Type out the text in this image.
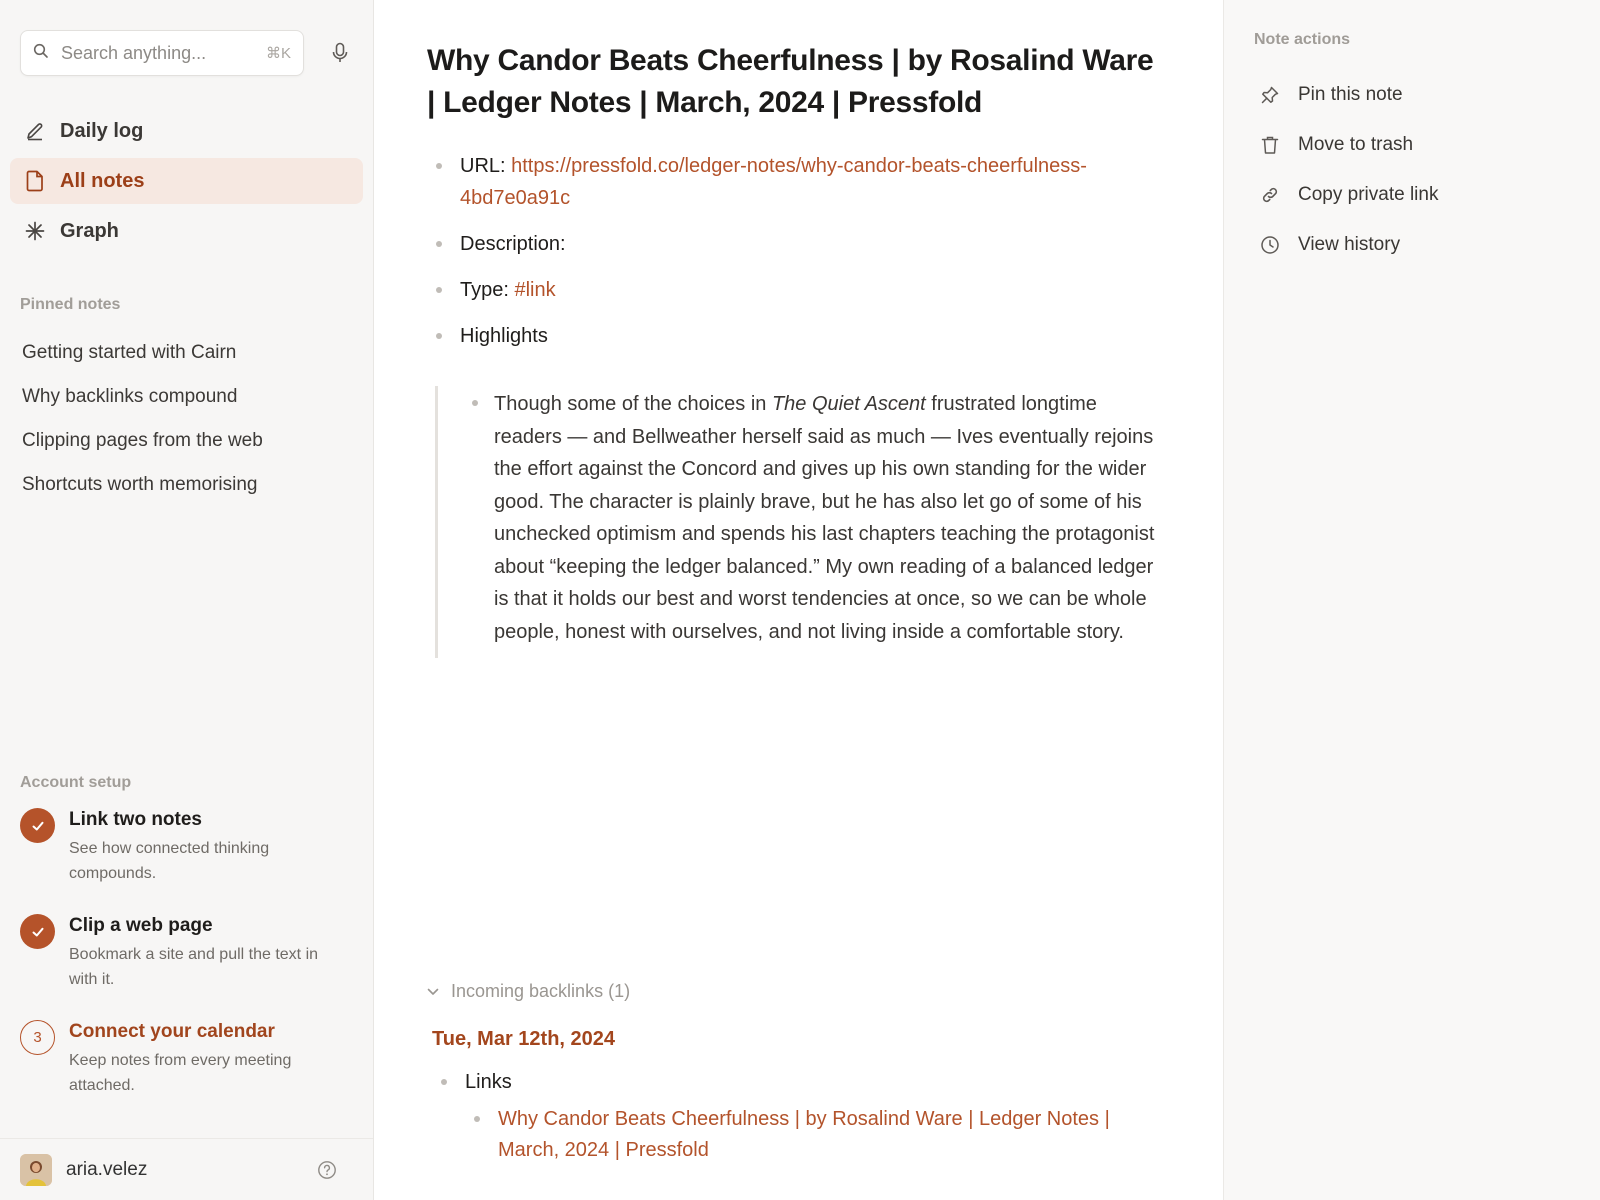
Search anything...
⌘K
Daily log
All notes
Graph
Pinned notes
Getting started with Cairn
Why backlinks compound
Clipping pages from the web
Shortcuts worth memorising
Account setup
Link two notes
See how connected thinking compounds.
Clip a web page
Bookmark a site and pull the text in with it.
3	Connect your calendar
Keep notes from every meeting attached.
aria.velez
Why Candor Beats Cheerfulness | by Rosalind Ware | Ledger Notes | March, 2024 | Pressfold
URL: https://pressfold.co/ledger-notes/why-candor-beats-cheerfulness-4bd7e0a91c
Description:
Type: #link
Highlights
Though some of the choices in The Quiet Ascent frustrated longtime readers — and Bellweather herself said as much — Ives eventually rejoins the effort against the Concord and gives up his own standing for the wider good. The character is plainly brave, but he has also let go of some of his unchecked optimism and spends his last chapters teaching the protagonist about “keeping the ledger balanced.” My own reading of a balanced ledger is that it holds our best and worst tendencies at once, so we can be whole people, honest with ourselves, and not living inside a comfortable story.
Incoming backlinks (1)
Tue, Mar 12th, 2024
Links
Why Candor Beats Cheerfulness | by Rosalind Ware | Ledger Notes | March, 2024 | Pressfold
Note actions
Pin this note
Move to trash
Copy private link
View history
